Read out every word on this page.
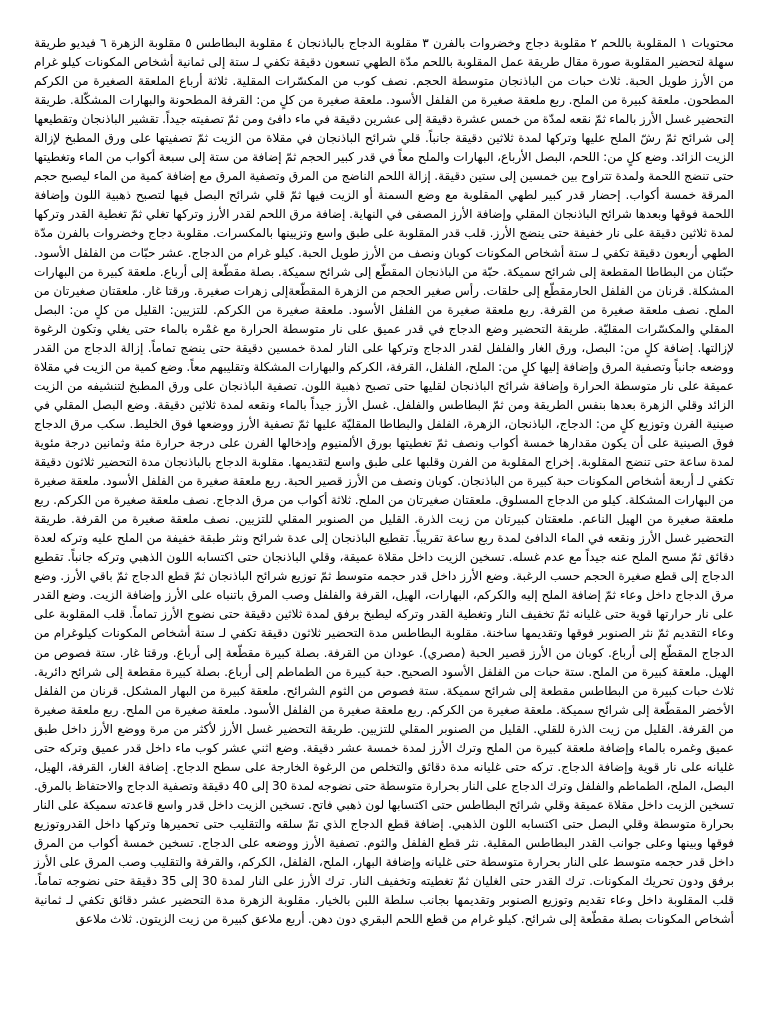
محتويات ١ المقلوبة باللحم ٢ مقلوبة دجاج وخضروات بالفرن ٣ مقلوبة الدجاج بالباذنجان ٤ مقلوبة البطاطس ٥ مقلوبة الزهرة ٦ فيديو طريقة سهلة لتحضير المقلوبة صورة مقال طريقة عمل المقلوبة باللحم مدّة الطهي تسعون دقيقة تكفي لـ ستة إلى ثمانية أشخاص المكونات كيلو غرام من الأرز طويل الحبة. ثلاث حبات من الباذنجان متوسطة الحجم. نصف كوب من المكسّرات المقلية. ثلاثة أرباع الملعقة الصغيرة من الكركم المطحون. ملعقة كبيرة من الملح. ربع ملعقة صغيرة من الفلفل الأسود. ملعقة صغيرة من كلٍ من: القرفة المطحونة والبهارات المشكّلة. طريقة التحضير غسل الأرز بالماء ثمّ نقعه لمدّة من خمس عشرة دقيقة إلى عشرين دقيقة في ماء دافئ ومن ثمّ تصفيته جيداً. تقشير الباذنجان وتقطيعها إلى شرائح ثمّ رشّ الملح عليها وتركها لمدة ثلاثين دقيقة جانباً. قلي شرائح الباذنجان في مقلاة من الزيت ثمّ تصفيتها على ورق المطبخ لإزالة الزيت الزائد. وضع كلٍ من: اللحم، البصل الأرباع، البهارات والملح معاً في قدر كبير الحجم ثمّ إضافة من ستة إلى سبعة أكواب من الماء وتغطيتها حتى تنضج اللحمة ولمدة تتراوح بين خمسين إلى ستين دقيقة. إزالة اللحم الناضج من المرق وتصفية المرق مع إضافة كمية من الماء ليصبح حجم المرقة خمسة أكواب. إحضار قدر كبير لطهي المقلوبة مع وضع السمنة أو الزيت فيها ثمّ قلي شرائح البصل فيها لتصبح ذهبية اللون وإضافة اللحمة فوقها وبعدها شرائح الباذنجان المقلي وإضافة الأرز المصفى في النهاية. إضافة مرق اللحم لقدر الأرز وتركها تغلي ثمّ تغطية القدر وتركها لمدة ثلاثين دقيقة على نار خفيفة حتى ينضج الأرز. قلب قدر المقلوبة على طبق واسع وتزيينها بالمكسرات. مقلوبة دجاج وخضروات بالفرن مدّة الطهي أربعون دقيقة تكفي لـ ستة أشخاص المكونات كوبان ونصف من الأرز طويل الحبة. كيلو غرام من الدجاج. عشر حبّات من الفلفل الأسود. حبّتان من البطاطا المقطعة إلى شرائح سميكة. حبّة من الباذنجان المقطّع إلى شرائح سميكة. بصلة مقطّعة إلى أرباع. ملعقة كبيرة من البهارات المشكلة. قرنان من الفلفل الحارمقطّع إلى حلقات. رأس صغير الحجم من الزهرة المقطّعةإلى زهرات صغيرة. ورقتا غار. ملعقتان صغيرتان من الملح. نصف ملعقة صغيرة من القرفة. ربع ملعقة صغيرة من الفلفل الأسود. ملعقة صغيرة من الكركم. للتزيين: القليل من كلٍ من: البصل المقلي والمكسّرات المقليّة. طريقة التحضير وضع الدجاج في قدر عميق على نار متوسطة الحرارة مع غمْره بالماء حتى يغلي وتكون الرغوة لإزالتها. إضافة كلٍ من: البصل، ورق الغار والفلفل لقدر الدجاج وتركها على النار لمدة خمسين دقيقة حتى ينضج تماماً. إزالة الدجاج من القدر ووضعه جانباً وتصفية المرق وإضافة إليها كلٍ من: الملح، الفلفل، القرفة، الكركم والبهارات المشكلة وتقليبهم معاً. وضع كمية من الزيت في مقلاة عميقة على نار متوسطة الحرارة وإضافة شرائح الباذنجان لقليها حتى تصبح ذهبية اللون. تصفية الباذنجان على ورق المطبخ لتنشيفه من الزيت الزائد وقلي الزهرة بعدها بنفس الطريقة ومن ثمّ البطاطس والفلفل. غسل الأرز جيداً بالماء ونقعه لمدة ثلاثين دقيقة. وضع البصل المقلي في صينية الفرن وتوزيع كلٍ من: الدجاج، الباذنجان، الزهرة، الفلفل والبطاطا المقليّة عليها ثمّ تصفية الأرز ووضعها فوق الخليط. سكب مرق الدجاج فوق الصينية على أن يكون مقدارها خمسة أكواب ونصف ثمّ تغطيتها بورق الألمنيوم وإدخالها الفرن على درجة حرارة مئة وثمانين درجة مئوية لمدة ساعة حتى تنضج المقلوبة. إخراج المقلوبة من الفرن وقلبها على طبق واسع لتقديمها. مقلوبة الدجاج بالباذنجان مدة التحضير ثلاثون دقيقة تكفي لـ أربعة أشخاص المكونات حبة كبيرة من الباذنجان. كوبان ونصف من الأرز قصير الحبة. ربع ملعقة صغيرة من الفلفل الأسود. ملعقة صغيرة من البهارات المشكلة. كيلو من الدجاج المسلوق. ملعقتان صغيرتان من الملح. ثلاثة أكواب من مرق الدجاج. نصف ملعقة صغيرة من الكركم. ربع ملعقة صغيرة من الهيل الناعم. ملعقتان كبيرتان من زيت الذرة. القليل من الصنوبر المقلي للتزيين. نصف ملعقة صغيرة من القرفة. طريقة التحضير غسل الأرز ونقعه في الماء الدافئ لمدة ربع ساعة تقريباً. تقطيع الباذنجان إلى عدة شرائح ونثر طبقة خفيفة من الملح عليه وتركه لعدة دقائق ثمّ مسح الملح عنه جيداً مع عدم غسله. تسخين الزيت داخل مقلاة عميقة، وقلي الباذنجان حتى اكتسابه اللون الذهبي وتركه جانباً. تقطيع الدجاج إلى قطع صغيرة الحجم حسب الرغبة. وضع الأرز داخل قدر حجمه متوسط ثمّ توزيع شرائح الباذنجان ثمّ قطع الدجاج ثمّ باقي الأرز. وضع مرق الدجاج داخل وعاء ثمّ إضافة الملح إليه والكركم، البهارات، الهيل، القرفة والفلفل وصب المرق باتنباه على الأرز وإضافة الزيت. وضع القدر على نار حرارتها قوية حتى غليانه ثمّ تخفيف النار وتغطية القدر وتركه ليطبخ برفق لمدة ثلاثين دقيقة حتى نضوج الأرز تماماً. قلب المقلوبة على وعاء التقديم ثمّ نثر الصنوبر فوقها وتقديمها ساخنة. مقلوبة البطاطس مدة التحضير ثلاثون دقيقة تكفي لـ ستة أشخاص المكونات كيلوغرام من الدجاج المقطّع إلى أرباع. كوبان من الأرز قصير الحبة (مصري). عودان من القرفة. بصلة كبيرة مقطّعة إلى أرباع. ورقتا غار. ستة فصوص من الهيل. ملعقة كبيرة من الملح. ستة حبات من الفلفل الأسود الصحيح. حبة كبيرة من الطماطم إلى أرباع. بصلة كبيرة مقطعة إلى شرائح دائرية. ثلاث حبات كبيرة من البطاطس مقطعة إلى شرائح سميكة. ستة فصوص من الثوم الشرائح. ملعقة كبيرة من البهار المشكل. قرنان من الفلفل الأخضر المقطّعة إلى شرائح سميكة. ملعقة صغيرة من الكركم. ربع ملعقة صغيرة من الفلفل الأسود. ملعقة صغيرة من الملح. ربع ملعقة صغيرة من القرفة. القليل من زيت الذرة للقلي. القليل من الصنوبر المقلي للتزيين. طريقة التحضير غسل الأرز لأكثر من مرة ووضع الأرز داخل طبق عميق وغمره بالماء وإضافة ملعقة كبيرة من الملح وترك الأرز لمدة خمسة عشر دقيقة. وضع اثني عشر كوب ماء داخل قدر عميق وتركه حتى غليانه على نار قوية وإضافة الدجاج. تركه حتى غليانه مدة دقائق والتخلص من الرغوة الخارجة على سطح الدجاج. إضافة الغار، القرفة، الهيل، البصل، الملح، الطماطم والفلفل وترك الدجاج على النار بحرارة متوسطة حتى نضوجه لمدة 30 إلى 40 دقيقة وتصفية الدجاج والاحتفاظ بالمرق. تسخين الزيت داخل مقلاة عميقة وقلي شرائح البطاطس حتى اكتسابها لون ذهبي فاتح. تسخين الزيت داخل قدر واسع قاعدته سميكة على النار بحرارة متوسطة وقلي البصل حتى اكتسابه اللون الذهبي. إضافة قطع الدجاج الذي تمّ سلقه والتقليب حتى تحميرها وتركها داخل القدروتوزيع فوقها وبينها وعلى جوانب القدر البطاطس المقلية. نثر قطع الفلفل والثوم. تصفية الأرز ووضعه على الدجاج. تسخين خمسة أكواب من المرق داخل قدر حجمه متوسط على النار بحرارة متوسطة حتى غليانه وإضافة البهار، الملح، الفلفل، الكركم، والقرفة والتقليب وصب المرق على الأرز برفق ودون تحريك المكونات. ترك القدر حتى الغليان ثمّ تغطيته وتخفيف النار. ترك الأرز على النار لمدة 30 إلى 35 دقيقة حتى نضوجه تماماً. قلب المقلوبة داخل وعاء تقديم وتوزيع الصنوبر وتقديمها بجانب سلطة اللبن بالخيار. مقلوبة الزهرة مدة التحضير عشر دقائق تكفي لـ ثمانية أشخاص المكونات بصلة مقطّعة إلى شرائح. كيلو غرام من قطع اللحم البقري دون دهن. أربع ملاعق كبيرة من زيت الزيتون. ثلاث ملاعق
